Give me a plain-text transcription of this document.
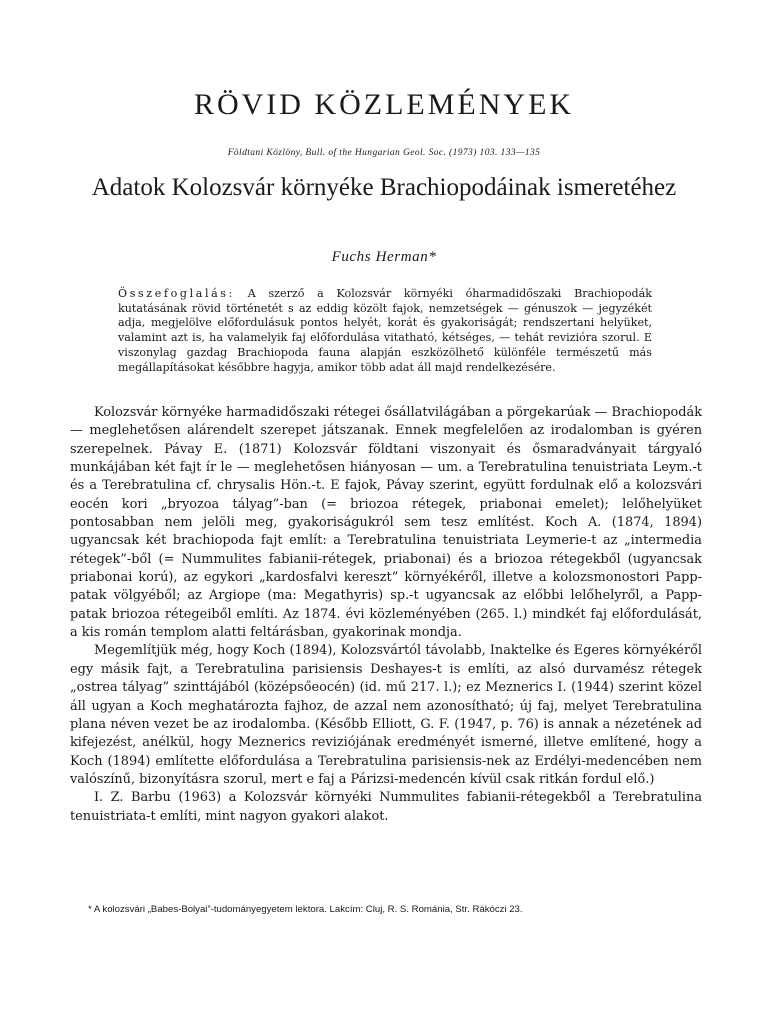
RÖVID KÖZLEMÉNYEK
Földtani Közlöny, Bull. of the Hungarian Geol. Soc. (1973) 103. 133—135
Adatok Kolozsvár környéke Brachiopodáinak ismeretéhez
Fuchs Herman*
Összefoglalás: A szerző a Kolozsvár környéki óharmadidőszaki Brachiopodák kutatásának rövid történetét s az eddig közölt fajok, nemzetségek — génuszok — jegyzékét adja, megjelölve előfordulásuk pontos helyét, korát és gyakoriságát; rendszertani helyüket, valamint azt is, ha valamelyik faj előfordulása vitatható, kétséges, — tehát revizióra szorul. E viszonylag gazdag Brachiopoda fauna alapján eszközölhető különféle természetű más megállapításokat későbbre hagyja, amikor több adat áll majd rendelkezésére.

Kolozsvár környéke harmadidőszaki rétegei ősállatvilágában a pörgekarúak — Brachiopodák — meglehetősen alárendelt szerepet játszanak. Ennek megfelelően az irodalomban is gyéren szerepelnek. Pávay E. (1871) Kolozsvár földtani viszonyait és ősmaradványait tárgyaló munkájában két fajt ír le — meglehetősen hiányosan — um. a Terebratulina tenuistriata Leym.-t és a Terebratulina cf. chrysalis Hön.-t. E fajok, Pávay szerint, együtt fordulnak elő a kolozsvári eocén kori „bryozoa tályag”-ban (= briozoa rétegek, priabonai emelet); lelőhelyüket pontosabban nem jelöli meg, gyakoriságukról sem tesz említést. Koch A. (1874, 1894) ugyancsak két brachiopoda fajt említ: a Terebratulina tenuistriata Leymerie-t az „intermedia rétegek”-ből (= Nummulites fabianii-rétegek, priabonai) és a briozoa rétegekből (ugyancsak priabonai korú), az egykori „kardosfalvi kereszt” környékéről, illetve a kolozsmonostori Papp-patak völgyéből; az Argiope (ma: Megathyris) sp.-t ugyancsak az előbbi lelőhelyről, a Papp-patak briozoa rétegeiből említi. Az 1874. évi közleményében (265. l.) mindkét faj előfordulását, a kis román templom alatti feltárásban, gyakorinak mondja.

Megemlítjük még, hogy Koch (1894), Kolozsvártól távolabb, Inaktelke és Egeres környékéről egy másik fajt, a Terebratulina parisiensis Deshayes-t is említi, az alsó durvamész rétegek „ostrea tályag” szinttájából (középsőeocén) (id. mű 217. l.); ez Meznerics I. (1944) szerint közel áll ugyan a Koch meghatározta fajhoz, de azzal nem azonosítható; új faj, melyet Terebratulina plana néven vezet be az irodalomba. (Később Elliott, G. F. (1947, p. 76) is annak a nézetének ad kifejezést, anélkül, hogy Meznerics reviziójának eredményét ismerné, illetve említené, hogy a Koch (1894) említette előfordulása a Terebratulina parisiensis-nek az Erdélyi-medencében nem valószínű, bizonyításra szorul, mert e faj a Párizsi-medencén kívül csak ritkán fordul elő.)

I. Z. Barbu (1963) a Kolozsvár környéki Nummulites fabianii-rétegekből a Terebratulina tenuistriata-t említi, mint nagyon gyakori alakot.

* A kolozsvári „Babes-Bolyai”-tudományegyetem lektora. Lakcím: Cluj, R. S. Románia, Str. Rákóczi 23.
